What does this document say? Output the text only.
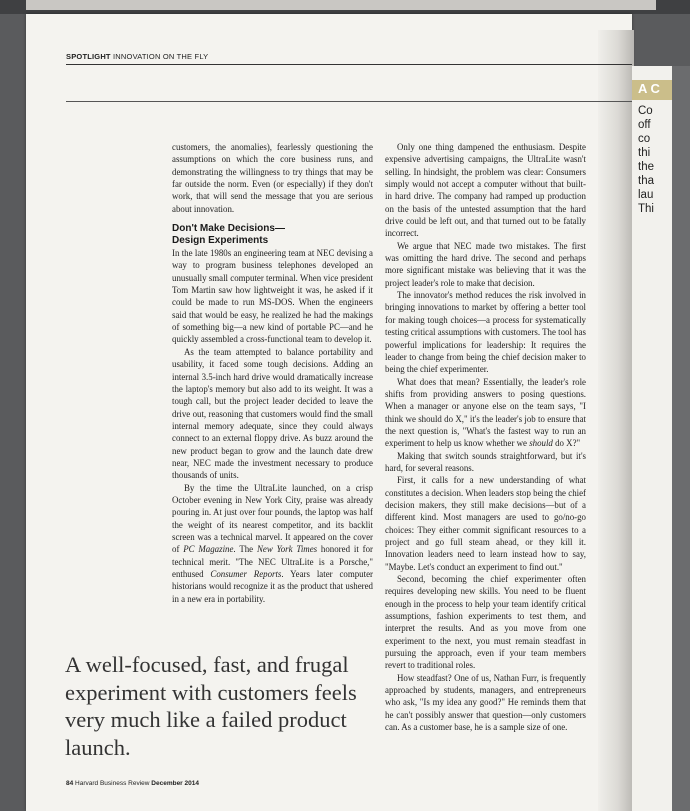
A C
Co
off
co
thi
the
tha
lau
Thi
SPOTLIGHT INNOVATION ON THE FLY

customers, the anomalies), fearlessly questioning the assumptions on which the core business runs, and demonstrating the willingness to try things that may be far outside the norm. Even (or especially) if they don't work, that will send the message that you are serious about innovation.

Don't Make Decisions—
Design Experiments

In the late 1980s an engineering team at NEC devising a way to program business telephones developed an unusually small computer terminal. When vice president Tom Martin saw how lightweight it was, he asked if it could be made to run MS-DOS. When the engineers said that would be easy, he realized he had the makings of something big—a new kind of portable PC—and he quickly assembled a cross-functional team to develop it.

As the team attempted to balance portability and usability, it faced some tough decisions. Adding an internal 3.5-inch hard drive would dramatically increase the laptop's memory but also add to its weight. It was a tough call, but the project leader decided to leave the drive out, reasoning that customers would find the small internal memory adequate, since they could always connect to an external floppy drive. As buzz around the new product began to grow and the launch date drew near, NEC made the investment necessary to produce thousands of units.

By the time the UltraLite launched, on a crisp October evening in New York City, praise was already pouring in. At just over four pounds, the laptop was half the weight of its nearest competitor, and its backlit screen was a technical marvel. It appeared on the cover of PC Magazine. The New York Times honored it for technical merit. "The NEC UltraLite is a Porsche," enthused Consumer Reports. Years later computer historians would recognize it as the product that ushered in a new era in portability.

Only one thing dampened the enthusiasm. Despite expensive advertising campaigns, the UltraLite wasn't selling. In hindsight, the problem was clear: Consumers simply would not accept a computer without that built-in hard drive. The company had ramped up production on the basis of the untested assumption that the hard drive could be left out, and that turned out to be fatally incorrect.

We argue that NEC made two mistakes. The first was omitting the hard drive. The second and perhaps more significant mistake was believing that it was the project leader's role to make that decision.

The innovator's method reduces the risk involved in bringing innovations to market by offering a better tool for making tough choices—a process for systematically testing critical assumptions with customers. The tool has powerful implications for leadership: It requires the leader to change from being the chief decision maker to being the chief experimenter.

What does that mean? Essentially, the leader's role shifts from providing answers to posing questions. When a manager or anyone else on the team says, "I think we should do X," it's the leader's job to ensure that the next question is, "What's the fastest way to run an experiment to help us know whether we should do X?"

Making that switch sounds straightforward, but it's hard, for several reasons.

First, it calls for a new understanding of what constitutes a decision. When leaders stop being the chief decision makers, they still make decisions—but of a different kind. Most managers are used to go/no-go choices: They either commit significant resources to a project and go full steam ahead, or they kill it. Innovation leaders need to learn instead how to say, "Maybe. Let's conduct an experiment to find out."

Second, becoming the chief experimenter often requires developing new skills. You need to be fluent enough in the process to help your team identify critical assumptions, fashion experiments to test them, and interpret the results. And as you move from one experiment to the next, you must remain steadfast in pursuing the approach, even if your team members revert to traditional roles.

How steadfast? One of us, Nathan Furr, is frequently approached by students, managers, and entrepreneurs who ask, "Is my idea any good?" He reminds them that he can't possibly answer that question—only customers can. As a customer base, he is a sample size of one.

A well-focused, fast, and frugal experiment with customers feels very much like a failed product launch.
84 Harvard Business Review December 2014
